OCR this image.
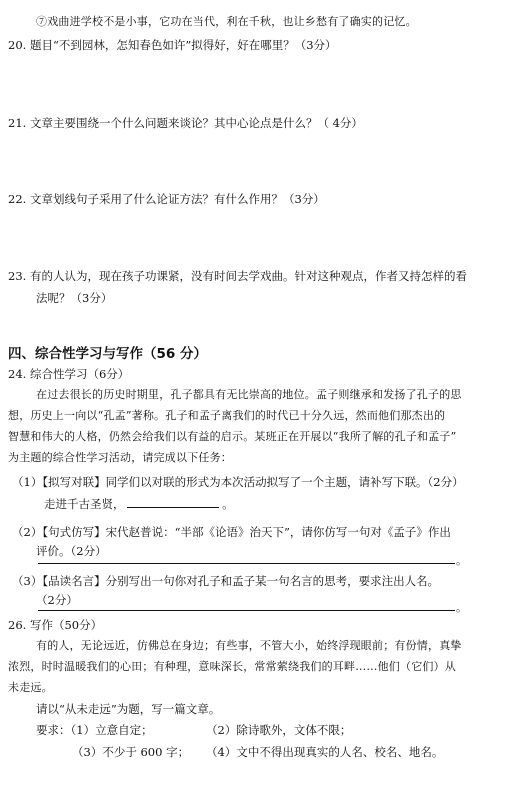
⑦戏曲进学校不是小事，它功在当代，利在千秋，也让乡愁有了确实的记忆。
20. 题目“不到园林，怎知春色如许”拟得好，好在哪里？（3分）
21. 文章主要围绕一个什么问题来谈论？其中心论点是什么？（ 4分）
22. 文章划线句子采用了什么论证方法？有什么作用？（3分）
23. 有的人认为，现在孩子功课紧，没有时间去学戏曲。针对这种观点，作者又持怎样的看
法呢？（3分）
四、综合性学习与写作（56 分）
24. 综合性学习（6分）
在过去很长的历史时期里，孔子都具有无比崇高的地位。孟子则继承和发扬了孔子的思
想，历史上一向以“孔孟”著称。孔子和孟子离我们的时代已十分久远，然而他们那杰出的
智慧和伟大的人格，仍然会给我们以有益的启示。某班正在开展以“我所了解的孔子和孟子”
为主题的综合性学习活动，请完成以下任务：
（1）【拟写对联】同学们以对联的形式为本次活动拟写了一个主题，请补写下联。（2分）
走进千古圣贤，	。
（2）【句式仿写】宋代赵普说：“半部《论语》治天下”，请你仿写一句对《孟子》作出
评价。（2分）
。
（3）【品读名言】分别写出一句你对孔子和孟子某一句名言的思考，要求注出人名。
（2分）
。
26. 写作（50分）
有的人，无论远近，仿佛总在身边；有些事，不管大小，始终浮现眼前；有份情，真挚
浓烈，时时温暖我们的心田；有种理，意味深长，常常萦绕我们的耳畔……他们（它们）从
未走远。
请以“从未走远”为题，写一篇文章。
要求：（1）立意自定；	（2）除诗歌外，文体不限；
（3）不少于 600 字； （4）文中不得出现真实的人名、校名、地名。
